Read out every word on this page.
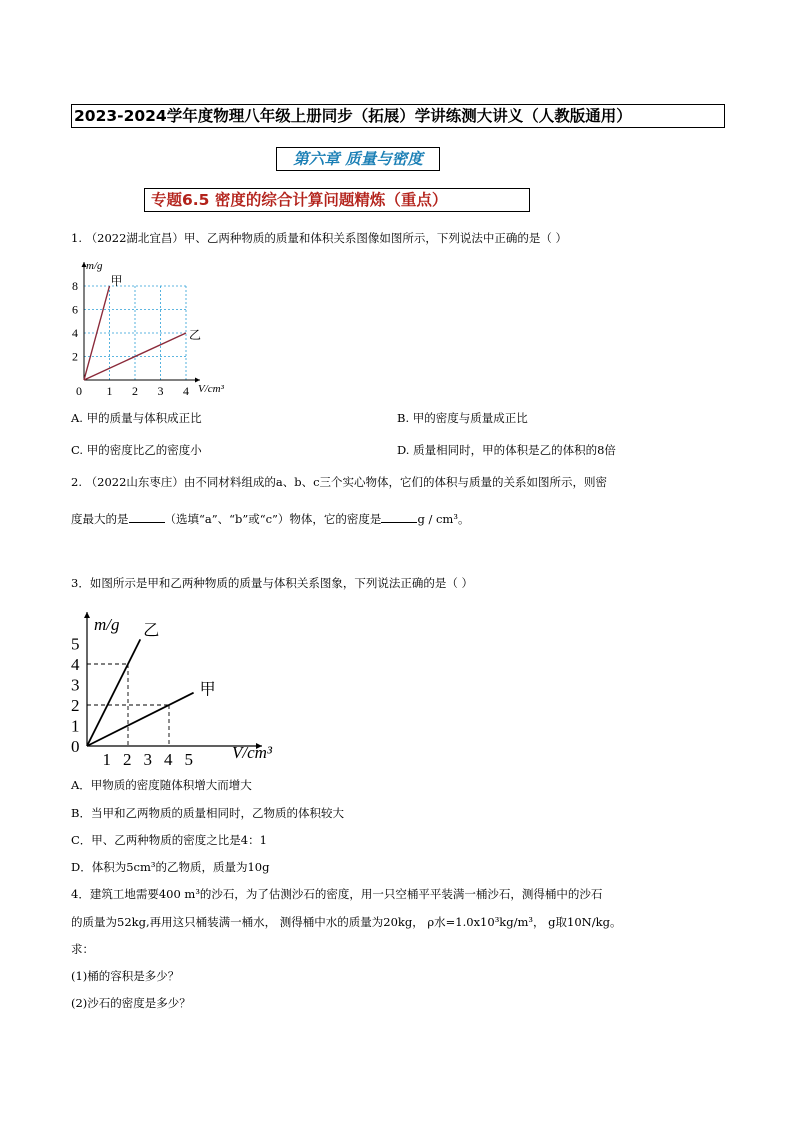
2023-2024学年度物理八年级上册同步（拓展）学讲练测大讲义（人教版通用）
第六章 质量与密度
专题6.5 密度的综合计算问题精炼（重点）
1. （2022湖北宜昌）甲、乙两种物质的质量和体积关系图像如图所示，下列说法中正确的是（ ）
0 1 2 3 4
2
4
6
8	甲
乙
m/g
V/cm³
A. 甲的质量与体积成正比	B. 甲的密度与质量成正比
C. 甲的密度比乙的密度小	D. 质量相同时，甲的体积是乙的体积的8倍
2. （2022山东枣庄）由不同材料组成的a、b、c三个实心物体，它们的体积与质量的关系如图所示，则密
度最大的是	（选填“a”、“b”或“c”）物体，它的密度是	g / cm³。
3．如图所示是甲和乙两种物质的质量与体积关系图象，下列说法正确的是（ ）
1 2 3 4 5
0
1
2
3
4
5
乙
甲
m/g
V/cm³
A．甲物质的密度随体积增大而增大
B．当甲和乙两物质的质量相同时，乙物质的体积较大
C．甲、乙两种物质的密度之比是4：1
D．体积为5cm³的乙物质，质量为10g
4．建筑工地需要400 m³的沙石，为了估测沙石的密度，用一只空桶平平装满一桶沙石，测得桶中的沙石
的质量为52kg,再用这只桶装满一桶水， 测得桶中水的质量为20kg， ρ水=1.0x10³kg/m³， g取10N/kg。
求：
(1)桶的容积是多少？
(2)沙石的密度是多少？
